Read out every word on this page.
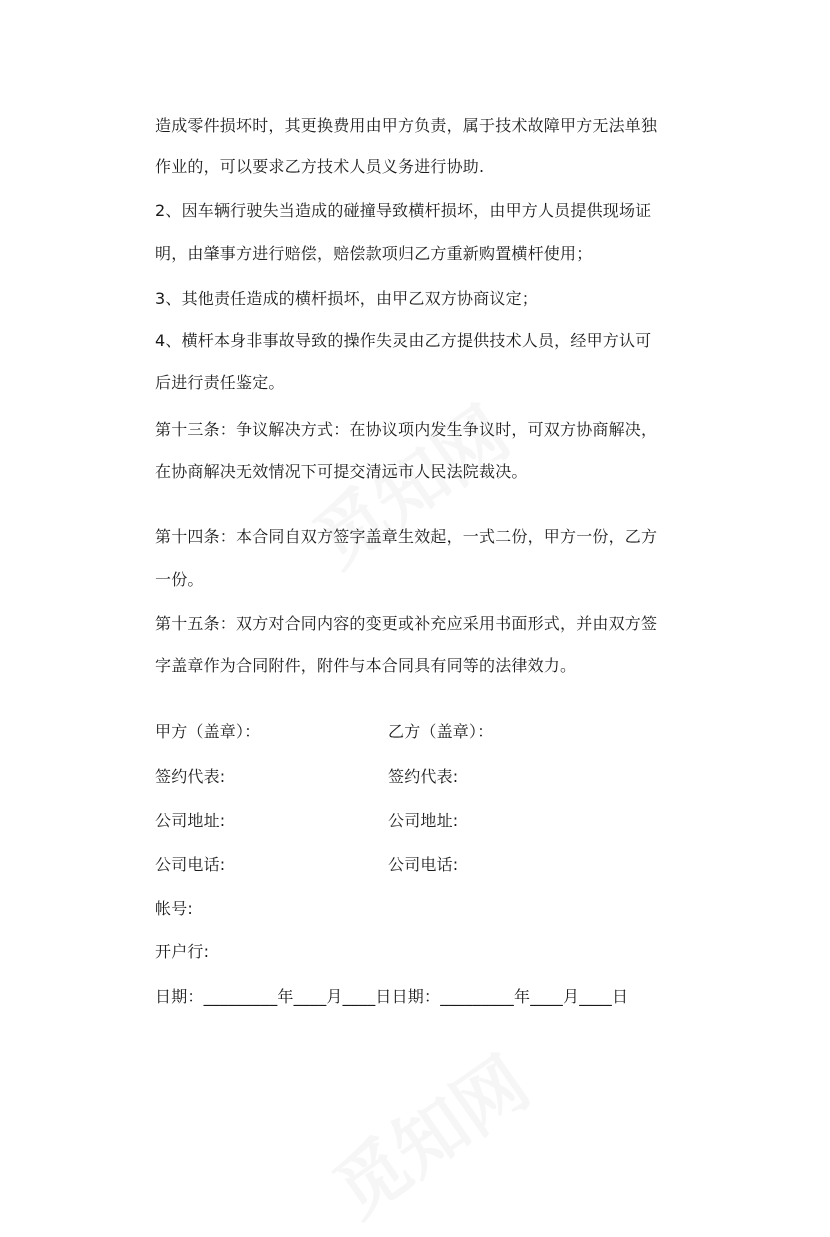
造成零件损坏时，其更换费用由甲方负责，属于技术故障甲方无法单独
作业的，可以要求乙方技术人员义务进行协助.
2、因车辆行驶失当造成的碰撞导致横杆损坏，由甲方人员提供现场证
明，由肇事方进行赔偿，赔偿款项归乙方重新购置横杆使用；
3、其他责任造成的横杆损坏，由甲乙双方协商议定；
4、横杆本身非事故导致的操作失灵由乙方提供技术人员，经甲方认可
后进行责任鉴定。
第十三条：争议解决方式：在协议项内发生争议时，可双方协商解决，
在协商解决无效情况下可提交清远市人民法院裁决。
第十四条：本合同自双方签字盖章生效起，一式二份，甲方一份，乙方
一份。
第十五条：双方对合同内容的变更或补充应采用书面形式，并由双方签
字盖章作为合同附件，附件与本合同具有同等的法律效力。
甲方（盖章）：	乙方（盖章）：
签约代表:	签约代表:
公司地址:	公司地址:
公司电话:	公司电话:
帐号:
开户行:
日期：_________年____月____日日期：_________年____月____日
